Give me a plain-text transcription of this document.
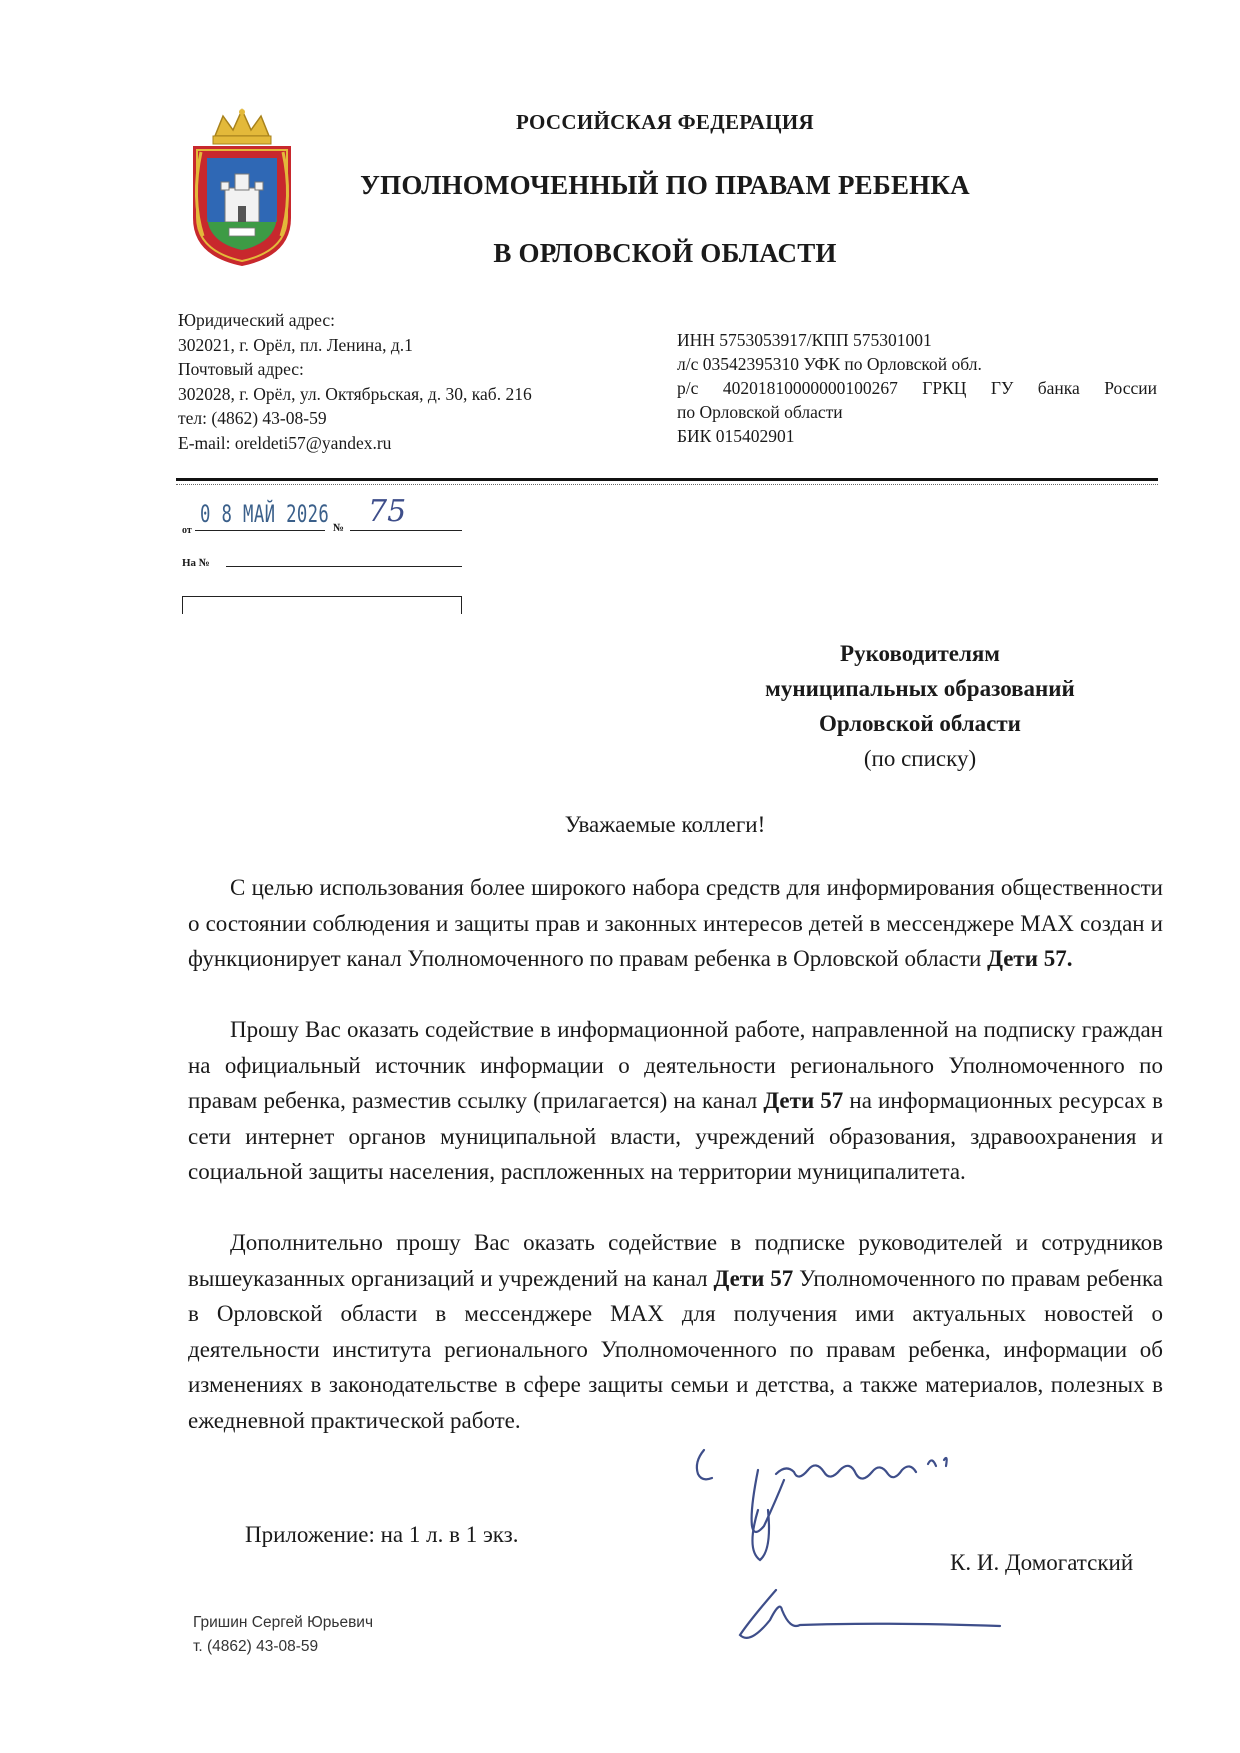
РОССИЙСКАЯ ФЕДЕРАЦИЯ
УПОЛНОМОЧЕННЫЙ ПО ПРАВАМ РЕБЕНКА
В ОРЛОВСКОЙ ОБЛАСТИ
Юридический адрес:
302021, г. Орёл, пл. Ленина, д.1
Почтовый адрес:
302028, г. Орёл, ул. Октябрьская, д. 30, каб. 216
тел: (4862) 43-08-59
E-mail: oreldeti57@yandex.ru
ИНН 5753053917/КПП 575301001
л/с 03542395310 УФК по Орловской обл.
р/с 40201810000000100267 ГРКЦ ГУ банка России
по Орловской области
БИК 015402901
от
0 8 МАЙ 2026 № 75
На №
Руководителям
муниципальных образований
Орловской области
(по списку)
Уважаемые коллеги!

С целью использования более широкого набора средств для информирования общественности о состоянии соблюдения и защиты прав и законных интересов детей в мессенджере MAX создан и функционирует канал Уполномоченного по правам ребенка в Орловской области Дети 57.

Прошу Вас оказать содействие в информационной работе, направленной на подписку граждан на официальный источник информации о деятельности регионального Уполномоченного по правам ребенка, разместив ссылку (прилагается) на канал Дети 57 на информационных ресурсах в сети интернет органов муниципальной власти, учреждений образования, здравоохранения и социальной защиты населения, распложенных на территории муниципалитета.

Дополнительно прошу Вас оказать содействие в подписке руководителей и сотрудников вышеуказанных организаций и учреждений на канал Дети 57 Уполномоченного по правам ребенка в Орловской области в мессенджере MAX для получения ими актуальных новостей о деятельности института регионального Уполномоченного по правам ребенка, информации об изменениях в законодательстве в сфере защиты семьи и детства, а также материалов, полезных в ежедневной практической работе.

Приложение: на 1 л. в 1 экз.
К. И. Домогатский
Гришин Сергей Юрьевич
т. (4862) 43-08-59
